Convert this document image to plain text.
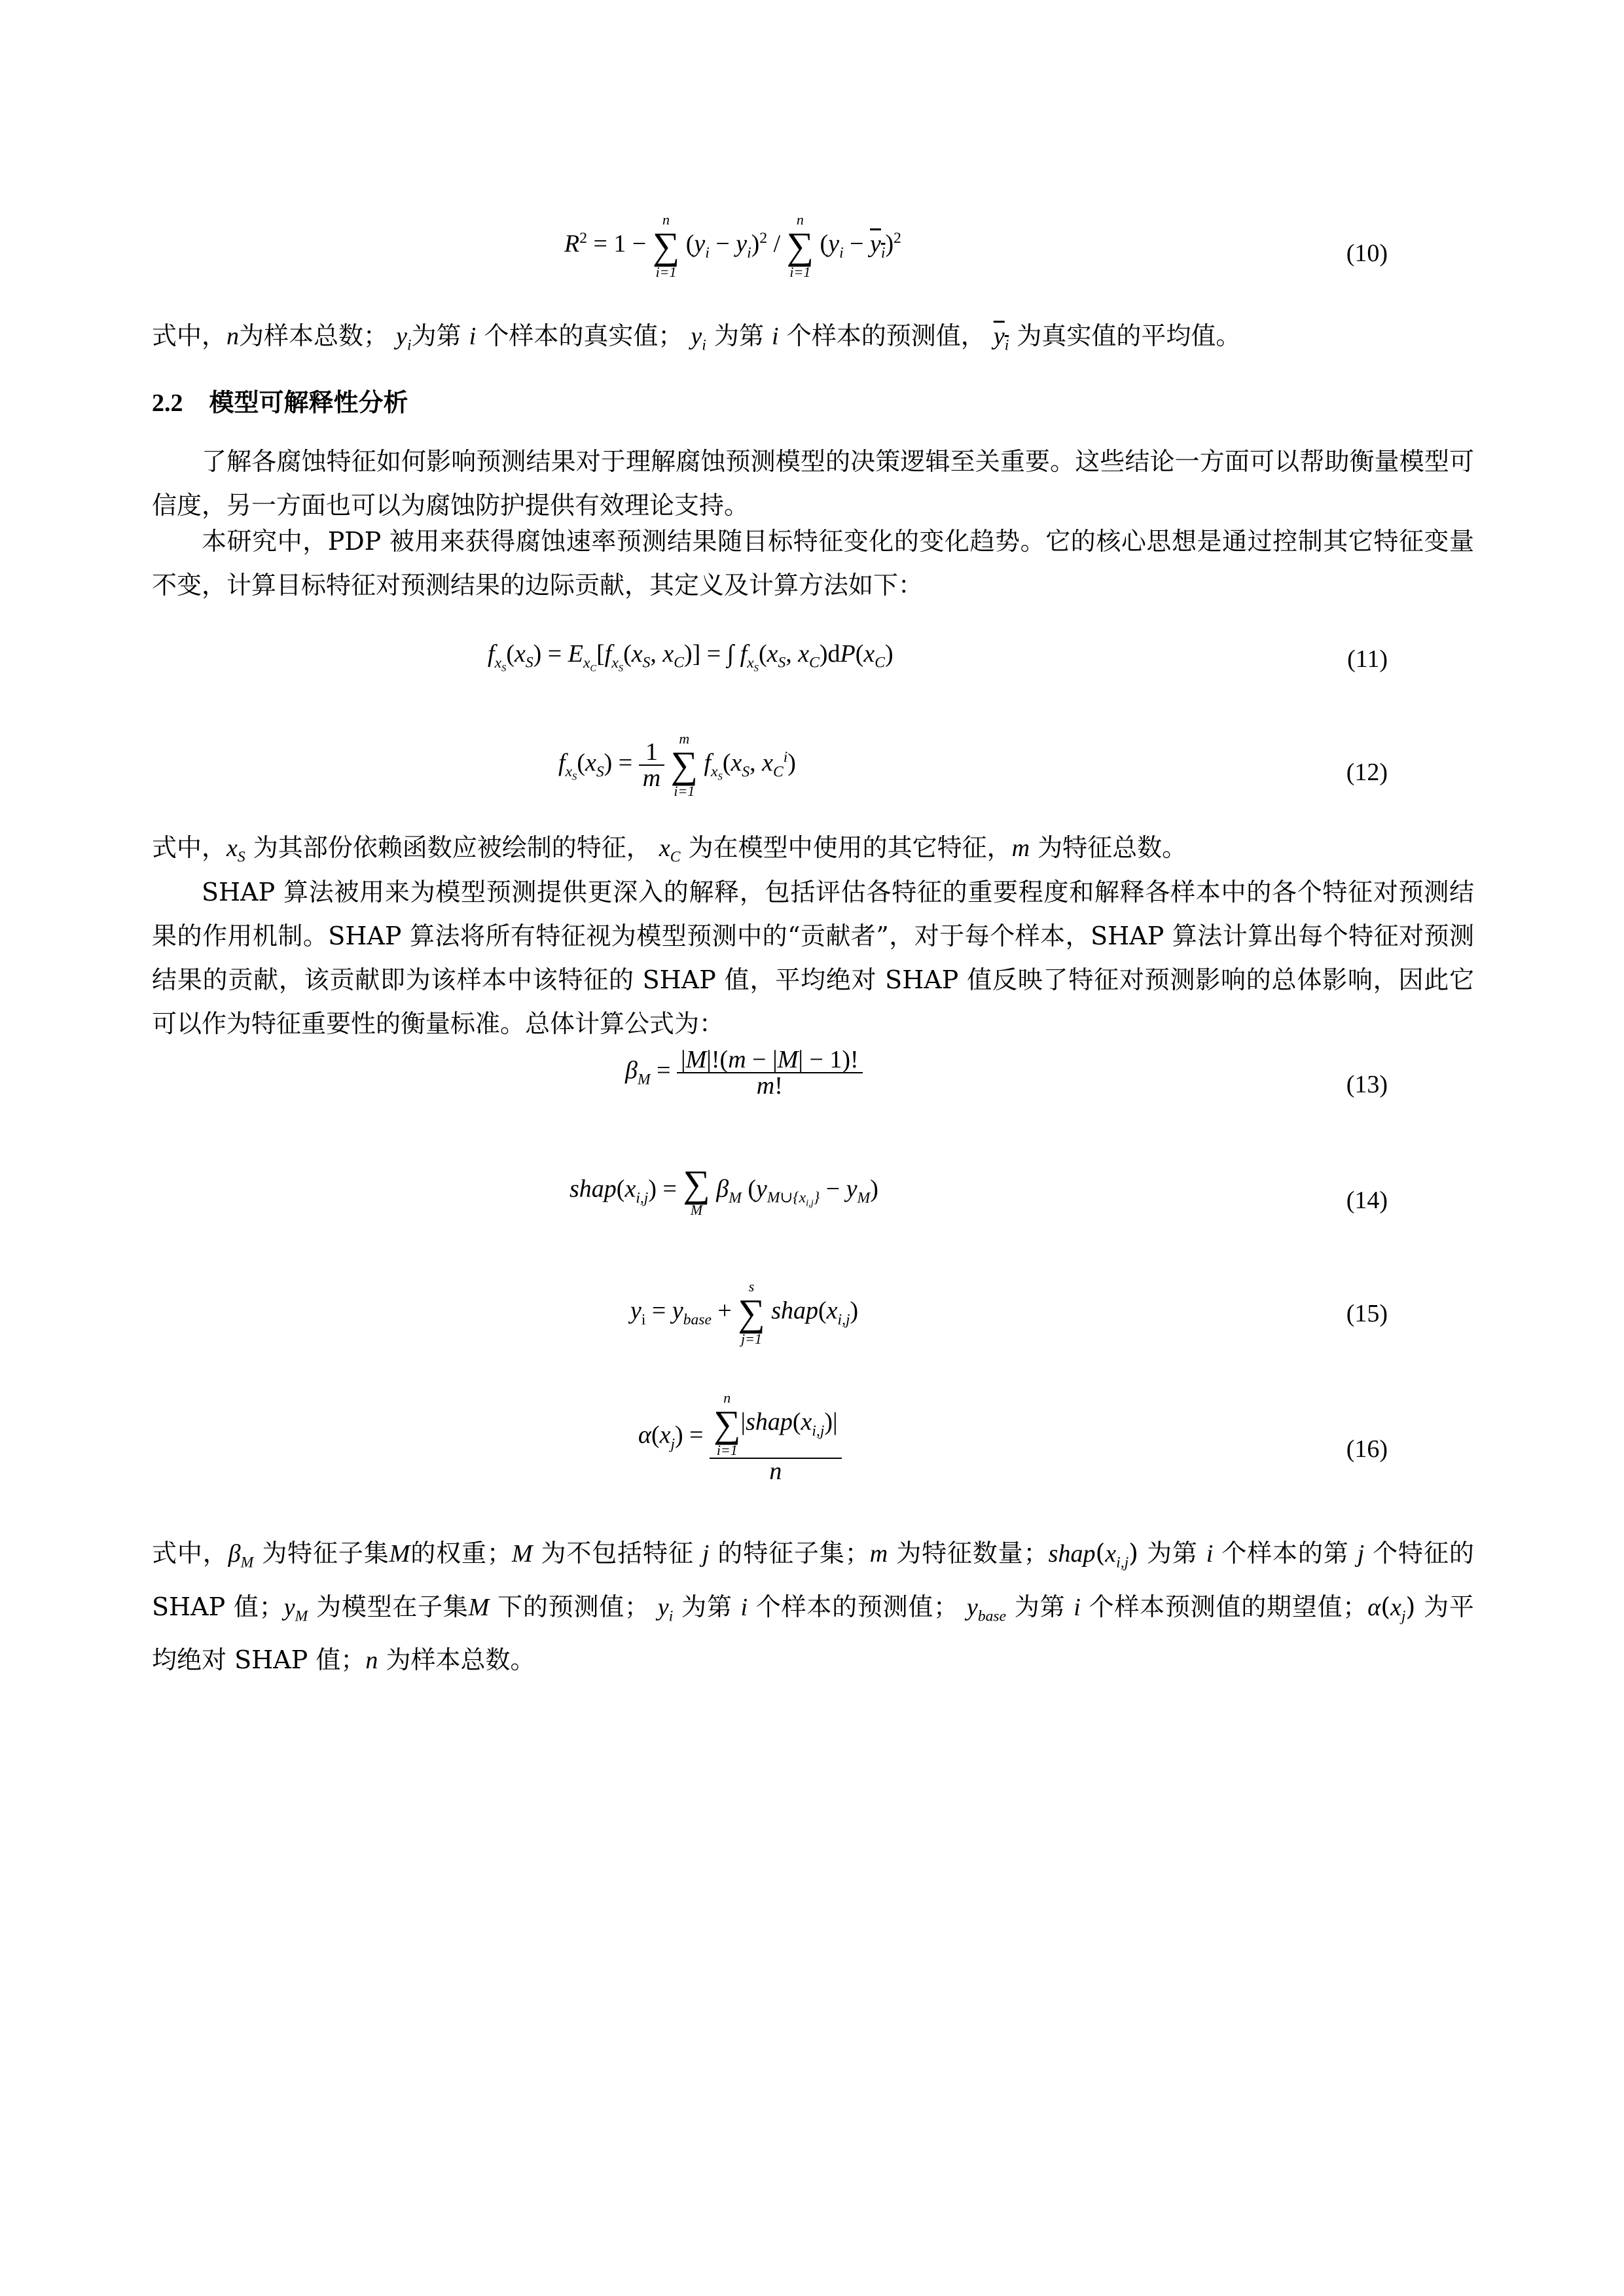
$R^2 = 1$ −
n
∑
i=1
$(y_i - y_i)^2$ /
n
∑
i=1
$(y_i - y_i)^2$
(10)
式中，n为样本总数； $y_i$为第 i 个样本的真实值； $y_i$ 为第 i 个样本的预测值， $y_i$ 为真实值的平均值。
2.2 模型可解释性分析
了解各腐蚀特征如何影响预测结果对于理解腐蚀预测模型的决策逻辑至关重要。这些结论一方面可以帮助衡量模型可信度，另一方面也可以为腐蚀防护提供有效理论支持。
本研究中，PDP 被用来获得腐蚀速率预测结果随目标特征变化的变化趋势。它的核心思想是通过控制其它特征变量不变，计算目标特征对预测结果的边际贡献，其定义及计算方法如下：
$f_{x_S}(x_S) = E_{x_C}[f_{x_S}(x_S$, $x_C$)] = ∫ $f_{x_S}(x_S$, $x_C)dP(x_C)$	(11)
$f_{x_S}(x_S) = \frac{1}{m}$

m
∑
i=1
$f_{x_S}(x_S$, $x_C^i$)	(12)
式中，$x_S$ 为其部份依赖函数应被绘制的特征， $x_C$ 为在模型中使用的其它特征，m 为特征总数。
SHAP 算法被用来为模型预测提供更深入的解释，包括评估各特征的重要程度和解释各样本中的各个特征对预测结果的作用机制。SHAP 算法将所有特征视为模型预测中的“贡献者”，对于每个样本，SHAP 算法计算出每个特征对预测结果的贡献，该贡献即为该样本中该特征的 SHAP 值，平均绝对 SHAP 值反映了特征对预测影响的总体影响，因此它可以作为特征重要性的衡量标准。总体计算公式为：
$\beta_M = \frac{|M|!(m - |M| - 1)!}{m!}$	(13)
$shap(x_{i,j})$ = ∑
M
$\beta_M$ $(y_{M\cup\{x_{i,j}\}} - y_M)$	(14)
$y_i = y_{base}$ +
s
∑
j=1
$shap(x_{i,j})$	(15)
$\alpha(x_j) = n$
∑
i=1
$|shap(x_{i,j})|$
n	(16)
式中，$\beta_M$ 为特征子集M的权重；M 为不包括特征 j 的特征子集；m 为特征数量；$shap(x_{i,j})$ 为第 i 个样本的第 j 个特征的 SHAP 值；$y_M$ 为模型在子集M 下的预测值； $y_i$ 为第 i 个样本的预测值； $y_{base}$ 为第 i 个样本预测值的期望值；$\alpha(x_j)$ 为平均绝对 SHAP 值；n 为样本总数。
